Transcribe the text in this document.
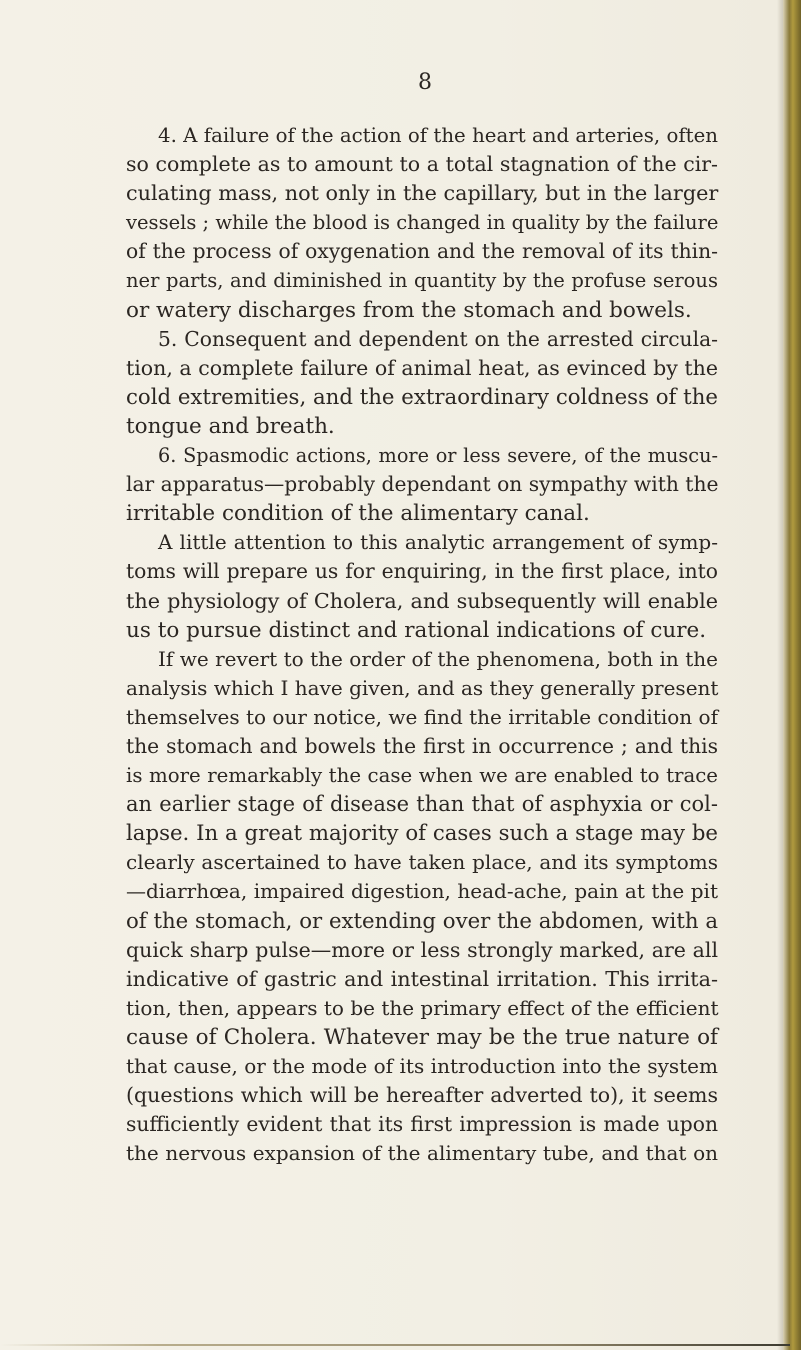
8
4. A failure of the action of the heart and arteries, often
so complete as to amount to a total stagnation of the cir-
culating mass, not only in the capillary, but in the larger
vessels ; while the blood is changed in quality by the failure
of the process of oxygenation and the removal of its thin-
ner parts, and diminished in quantity by the profuse serous
or watery discharges from the stomach and bowels.
5. Consequent and dependent on the arrested circula-
tion, a complete failure of animal heat, as evinced by the
cold extremities, and the extraordinary coldness of the
tongue and breath.
6. Spasmodic actions, more or less severe, of the muscu-
lar apparatus—probably dependant on sympathy with the
irritable condition of the alimentary canal.
A little attention to this analytic arrangement of symp-
toms will prepare us for enquiring, in the first place, into
the physiology of Cholera, and subsequently will enable
us to pursue distinct and rational indications of cure.
If we revert to the order of the phenomena, both in the
analysis which I have given, and as they generally present
themselves to our notice, we find the irritable condition of
the stomach and bowels the first in occurrence ; and this
is more remarkably the case when we are enabled to trace
an earlier stage of disease than that of asphyxia or col-
lapse. In a great majority of cases such a stage may be
clearly ascertained to have taken place, and its symptoms
—diarrhœa, impaired digestion, head-ache, pain at the pit
of the stomach, or extending over the abdomen, with a
quick sharp pulse—more or less strongly marked, are all
indicative of gastric and intestinal irritation. This irrita-
tion, then, appears to be the primary effect of the efficient
cause of Cholera. Whatever may be the true nature of
that cause, or the mode of its introduction into the system
(questions which will be hereafter adverted to), it seems
sufficiently evident that its first impression is made upon
the nervous expansion of the alimentary tube, and that on
